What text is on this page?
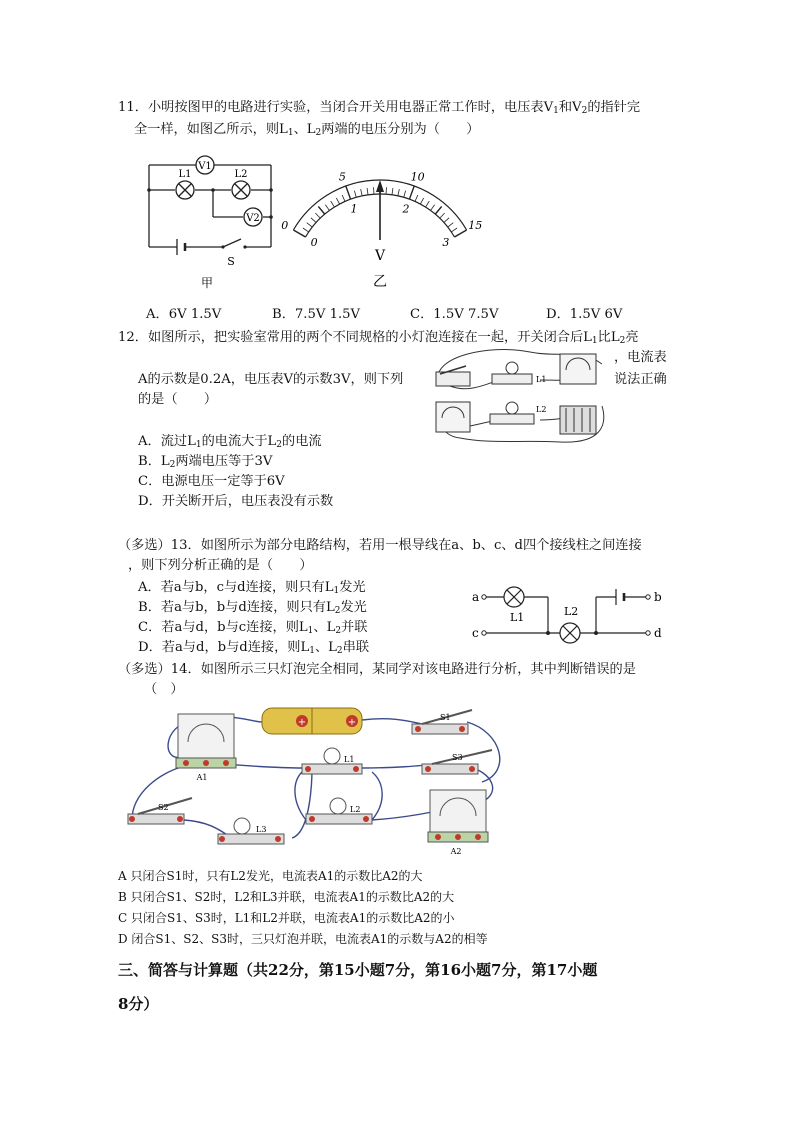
11．小明按图甲的电路进行实验，当闭合开关用电器正常工作时，电压表$V_1$和$V_2$的指针完
全一样，如图乙所示，则$L_1$、$L_2$两端的电压分别为（　　）
V1
V2
L1	L2
S
甲
0
5	10
15
0
1	2
3
V
乙
A．6V 1.5V	B．7.5V 1.5V	C．1.5V 7.5V	D．1.5V 6V
12．如图所示，把实验室常用的两个不同规格的小灯泡连接在一起，开关闭合后$L_1$比$L_2$亮
，电流表
A的示数是0.2A，电压表V的示数3V，则下列	说法正确
的是（　　）
L1
L2
A．流过$L_1$的电流大于$L_2$的电流
B．$L_2$两端电压等于3V
C．电源电压一定等于6V
D．开关断开后，电压表没有示数
（多选）13．如图所示为部分电路结构，若用一根导线在a、b、c、d四个接线柱之间连接
，则下列分析正确的是（　　）
A．若a与b，c与d连接，则只有$L_1$发光
B．若a与b，b与d连接，则只有$L_2$发光
C．若a与d，b与c连接，则$L_1$、$L_2$并联
D．若a与d，b与d连接，则$L_1$、$L_2$串联
a
c
b
d
L1	L2
（多选）14．如图所示三只灯泡完全相同，某同学对该电路进行分析，其中判断错误的是
（　）
+	+
A1
S1
L1	S3
S2	L2
L3
A2
A 只闭合S1时，只有L2发光，电流表A1的示数比A2的大
B 只闭合S1、S2时，L2和L3并联，电流表A1的示数比A2的大
C 只闭合S1、S3时，L1和L2并联，电流表A1的示数比A2的小
D 闭合S1、S2、S3时，三只灯泡并联，电流表A1的示数与A2的相等
三、简答与计算题（共22分，第15小题7分，第16小题7分，第17小题
8分）
